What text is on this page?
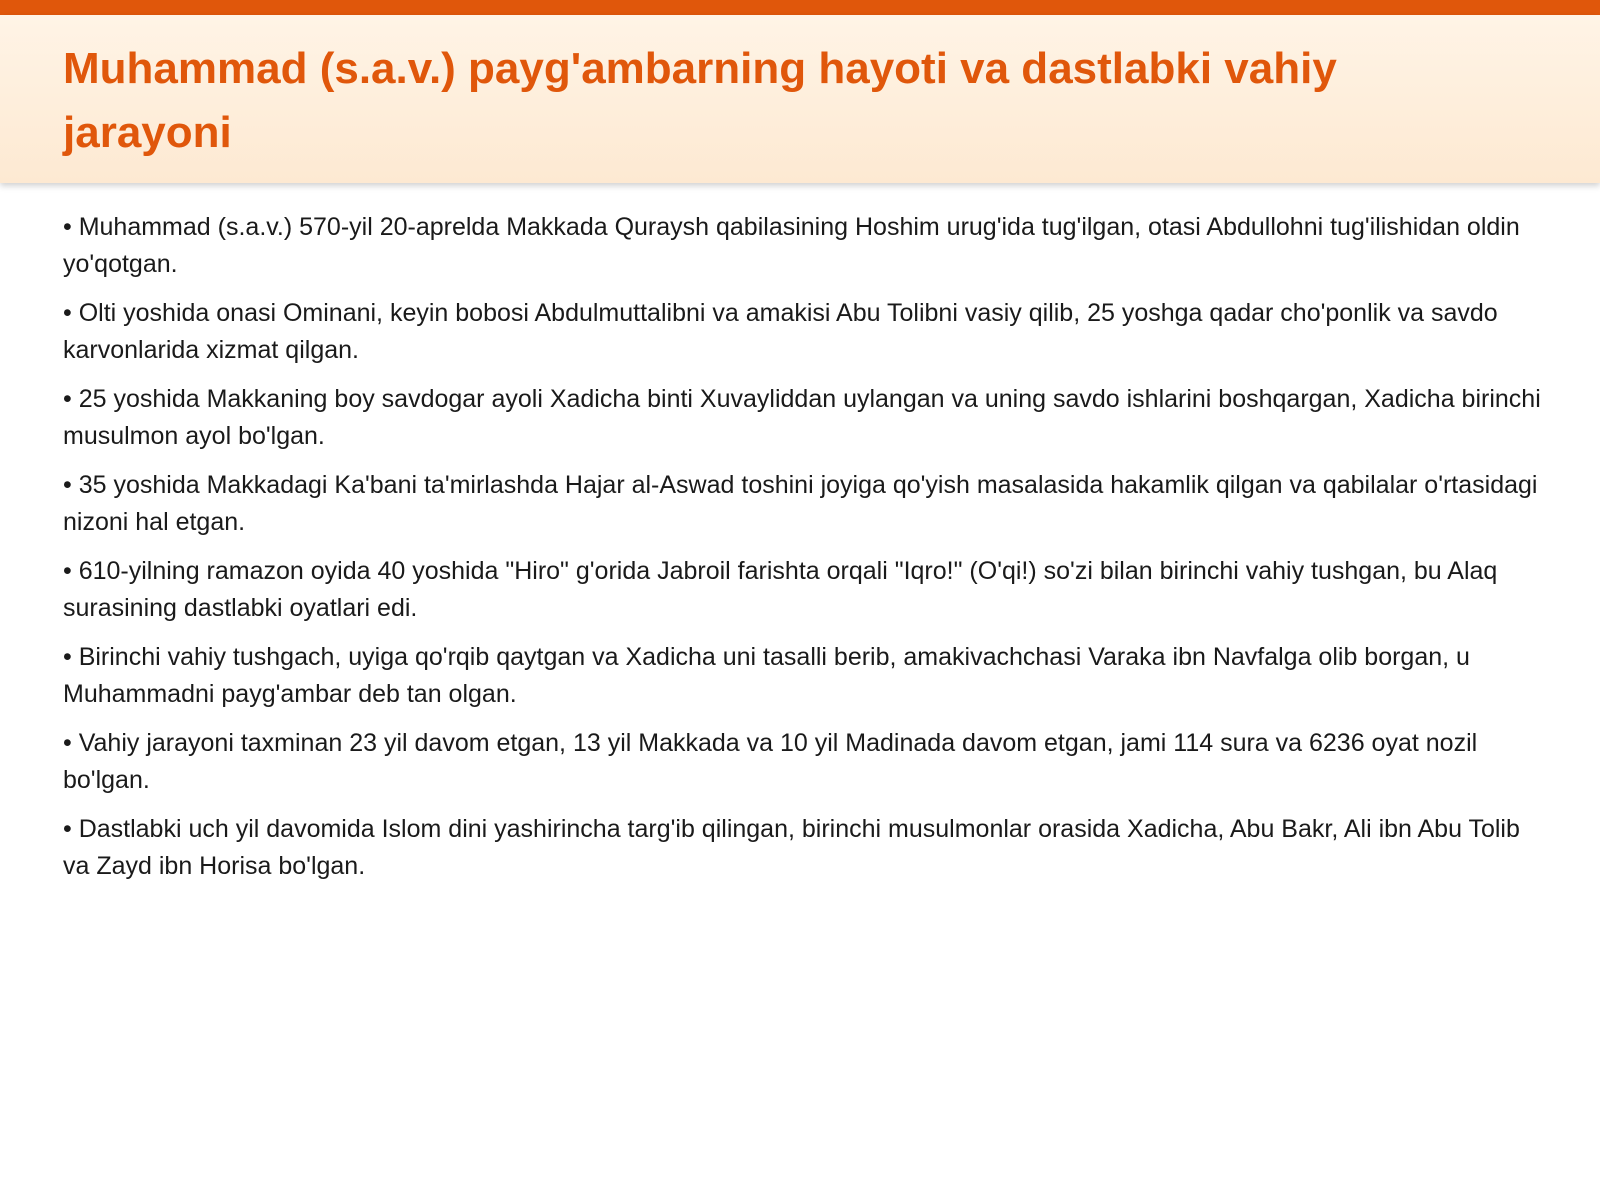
Muhammad (s.a.v.) payg'ambarning hayoti va dastlabki vahiy jarayoni
• Muhammad (s.a.v.) 570-yil 20-aprelda Makkada Quraysh qabilasining Hoshim urug'ida tug'ilgan, otasi Abdullohni tug'ilishidan oldin yo'qotgan.
• Olti yoshida onasi Ominani, keyin bobosi Abdulmuttalibni va amakisi Abu Tolibni vasiy qilib, 25 yoshga qadar cho'ponlik va savdo karvonlarida xizmat qilgan.
• 25 yoshida Makkaning boy savdogar ayoli Xadicha binti Xuvayliddan uylangan va uning savdo ishlarini boshqargan, Xadicha birinchi musulmon ayol bo'lgan.
• 35 yoshida Makkadagi Ka'bani ta'mirlashda Hajar al-Aswad toshini joyiga qo'yish masalasida hakamlik qilgan va qabilalar o'rtasidagi nizoni hal etgan.
• 610-yilning ramazon oyida 40 yoshida "Hiro" g'orida Jabroil farishta orqali "Iqro!" (O'qi!) so'zi bilan birinchi vahiy tushgan, bu Alaq surasining dastlabki oyatlari edi.
• Birinchi vahiy tushgach, uyiga qo'rqib qaytgan va Xadicha uni tasalli berib, amakivachchasi Varaka ibn Navfalga olib borgan, u Muhammadni payg'ambar deb tan olgan.
• Vahiy jarayoni taxminan 23 yil davom etgan, 13 yil Makkada va 10 yil Madinada davom etgan, jami 114 sura va 6236 oyat nozil bo'lgan.
• Dastlabki uch yil davomida Islom dini yashirincha targ'ib qilingan, birinchi musulmonlar orasida Xadicha, Abu Bakr, Ali ibn Abu Tolib va Zayd ibn Horisa bo'lgan.
